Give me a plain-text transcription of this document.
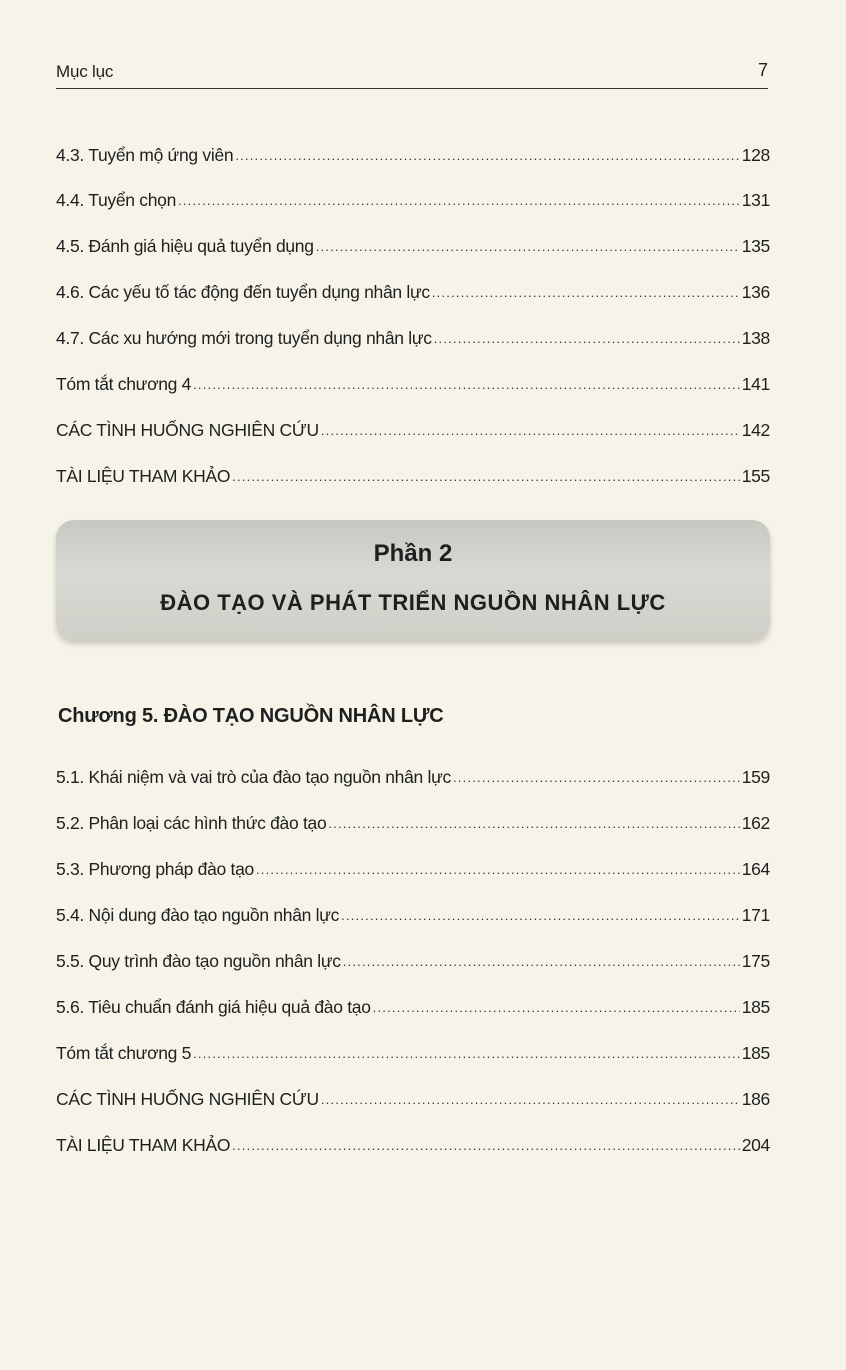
Mục lục	7
4.3. Tuyển mộ ứng viên .....	128
4.4. Tuyển chọn .....	131
4.5. Đánh giá hiệu quả tuyển dụng .....	135
4.6. Các yếu tố tác động đến tuyển dụng nhân lực .....	136
4.7. Các xu hướng mới trong tuyển dụng nhân lực .....	138
Tóm tắt chương 4 .....	141
CÁC TÌNH HUỐNG NGHIÊN CỨU .....	142
TÀI LIỆU THAM KHẢO .....	155
Phần 2
ĐÀO TẠO VÀ PHÁT TRIỂN NGUỒN NHÂN LỰC
Chương 5. ĐÀO TẠO NGUỒN NHÂN LỰC
5.1. Khái niệm và vai trò của đào tạo nguồn nhân lực .....	159
5.2. Phân loại các hình thức đào tạo .....	162
5.3. Phương pháp đào tạo .....	164
5.4. Nội dung đào tạo nguồn nhân lực .....	171
5.5. Quy trình đào tạo nguồn nhân lực .....	175
5.6. Tiêu chuẩn đánh giá hiệu quả đào tạo .....	185
Tóm tắt chương 5 .....	185
CÁC TÌNH HUỐNG NGHIÊN CỨU .....	186
TÀI LIỆU THAM KHẢO .....	204
